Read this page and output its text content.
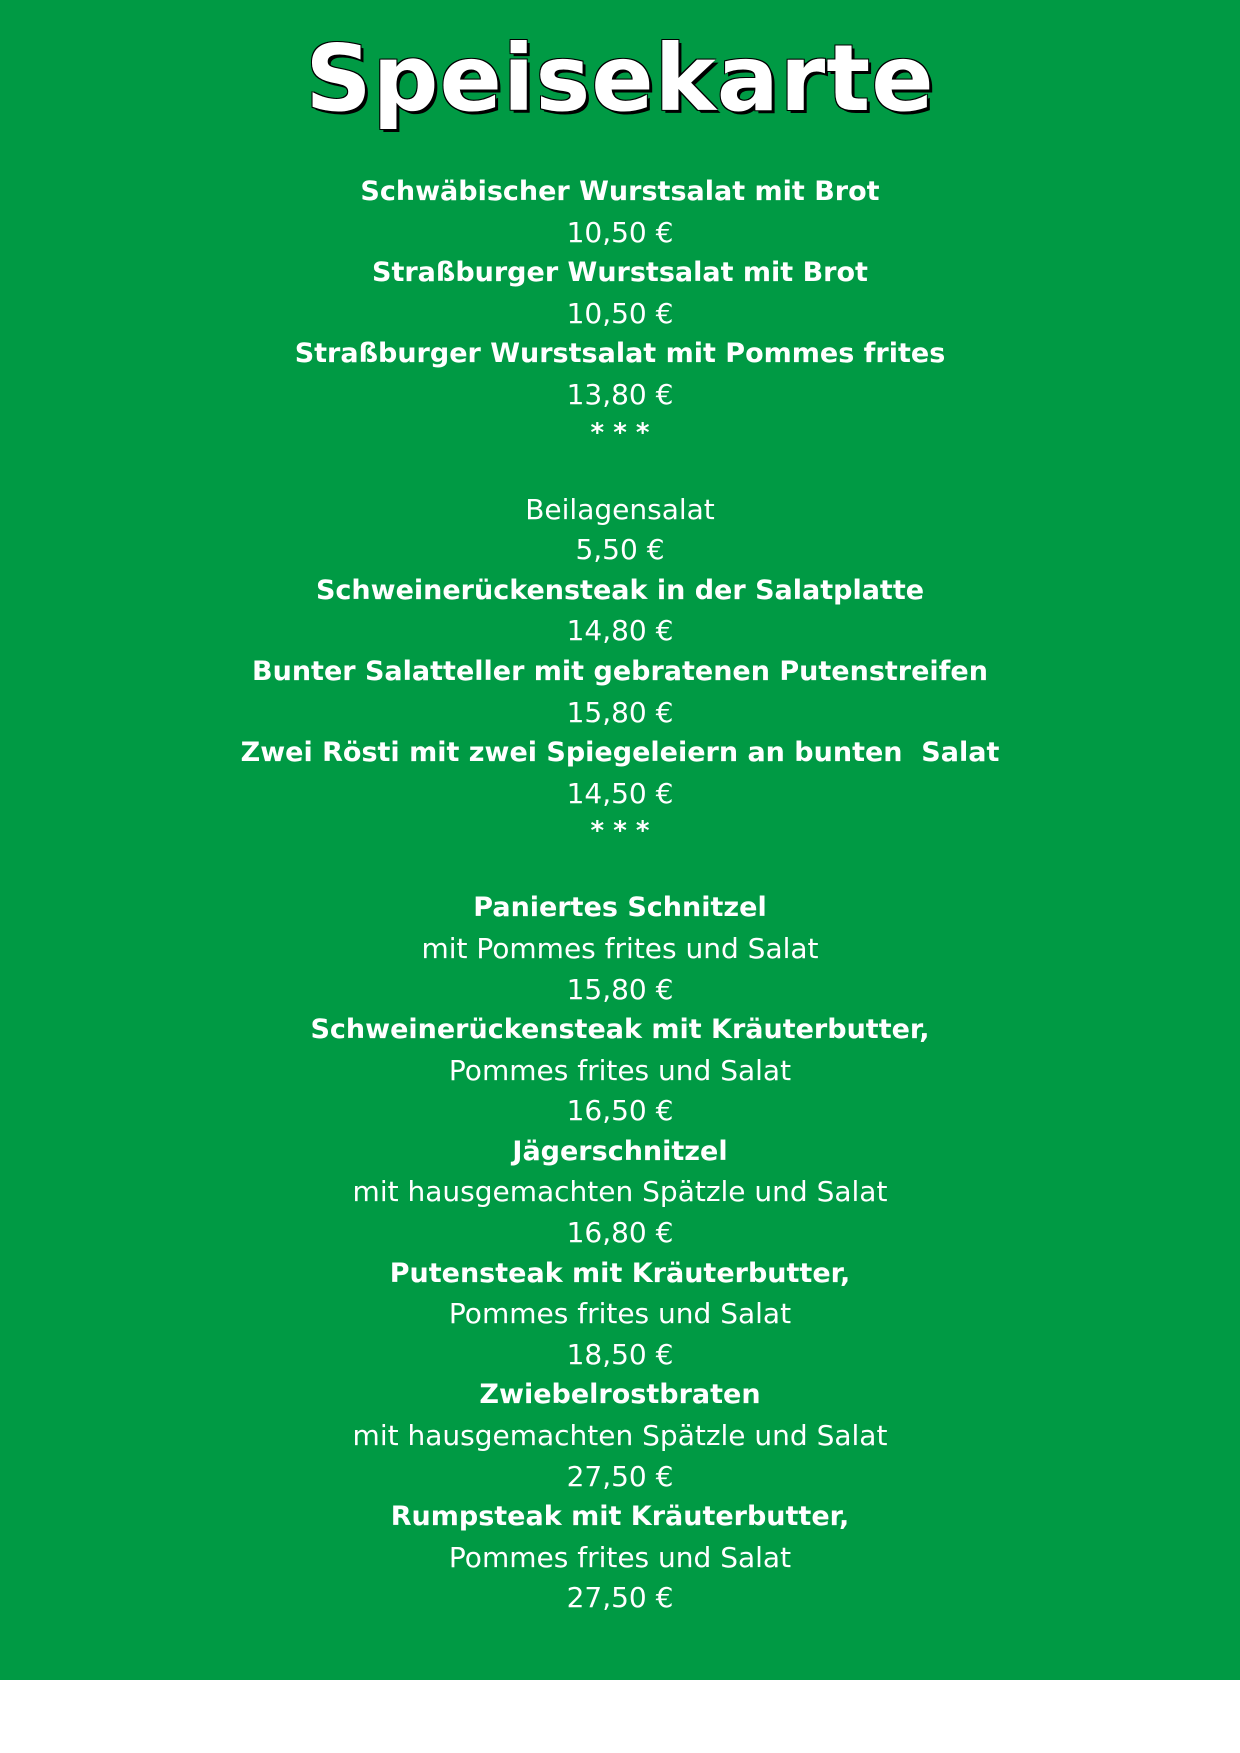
Speisekarte
Schwäbischer Wurstsalat mit Brot
10,50 €
Straßburger Wurstsalat mit Brot
10,50 €
Straßburger Wurstsalat mit Pommes frites
13,80 €
* * *
Beilagensalat
5,50 €
Schweinerückensteak in der Salatplatte
14,80 €
Bunter Salatteller mit gebratenen Putenstreifen
15,80 €
Zwei Rösti mit zwei Spiegeleiern an bunten  Salat
14,50 €
* * *
Paniertes Schnitzel
mit Pommes frites und Salat
15,80 €
Schweinerückensteak mit Kräuterbutter,
Pommes frites und Salat
16,50 €
Jägerschnitzel
mit hausgemachten Spätzle und Salat
16,80 €
Putensteak mit Kräuterbutter,
Pommes frites und Salat
18,50 €
Zwiebelrostbraten
mit hausgemachten Spätzle und Salat
27,50 €
Rumpsteak mit Kräuterbutter,
Pommes frites und Salat
27,50 €
